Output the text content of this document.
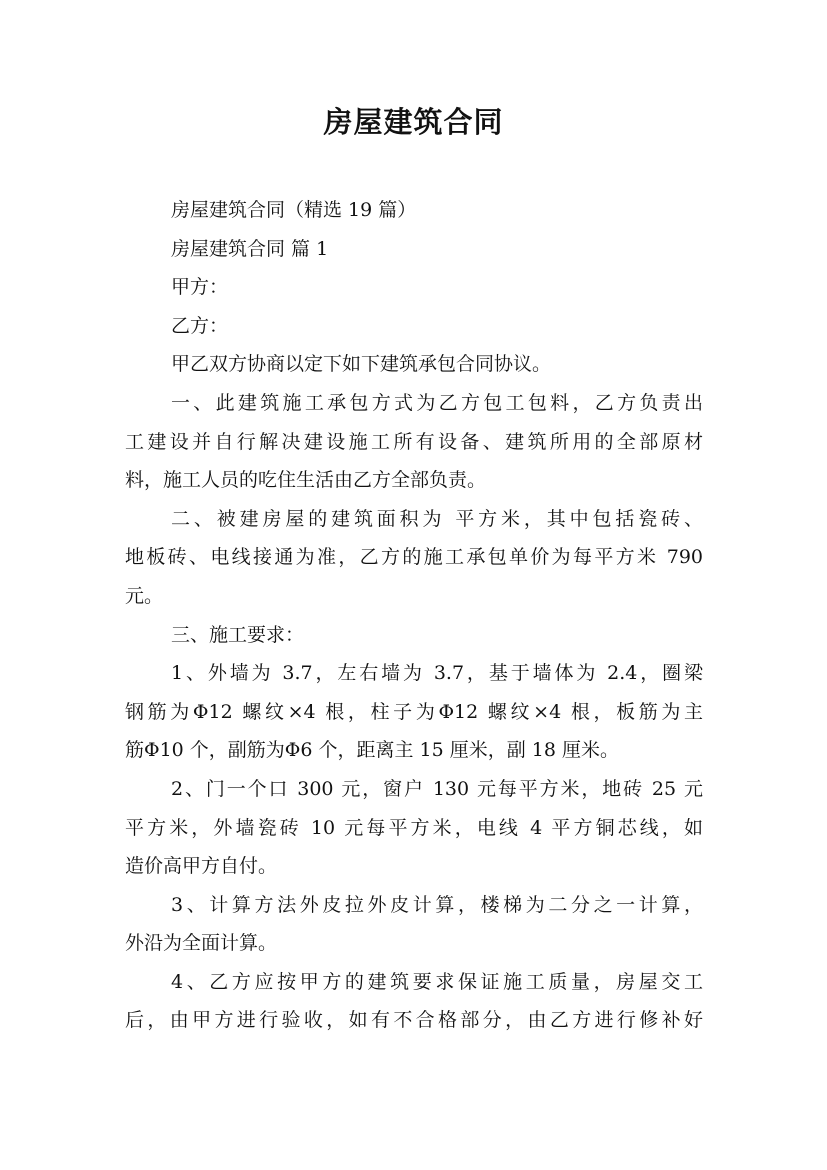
房屋建筑合同

房屋建筑合同（精选 19 篇）

房屋建筑合同 篇 1

甲方：

乙方：

甲乙双方协商以定下如下建筑承包合同协议。

一、此建筑施工承包方式为乙方包工包料，乙方负责出
工建设并自行解决建设施工所有设备、建筑所用的全部原材
料，施工人员的吃住生活由乙方全部负责。
二、被建房屋的建筑面积为 平方米，其中包括瓷砖、
地板砖、电线接通为准，乙方的施工承包单价为每平方米 790
元。

三、施工要求：

1、外墙为 3.7，左右墙为 3.7，基于墙体为 2.4，圈梁
钢筋为Φ12 螺纹×4 根，柱子为Φ12 螺纹×4 根，板筋为主
筋Φ10 个，副筋为Φ6 个，距离主 15 厘米，副 18 厘米。
2、门一个口 300 元，窗户 130 元每平方米，地砖 25 元
平方米，外墙瓷砖 10 元每平方米，电线 4 平方铜芯线，如
造价高甲方自付。
3、计算方法外皮拉外皮计算，楼梯为二分之一计算，
外沿为全面计算。
4、乙方应按甲方的建筑要求保证施工质量，房屋交工
后，由甲方进行验收，如有不合格部分，由乙方进行修补好
